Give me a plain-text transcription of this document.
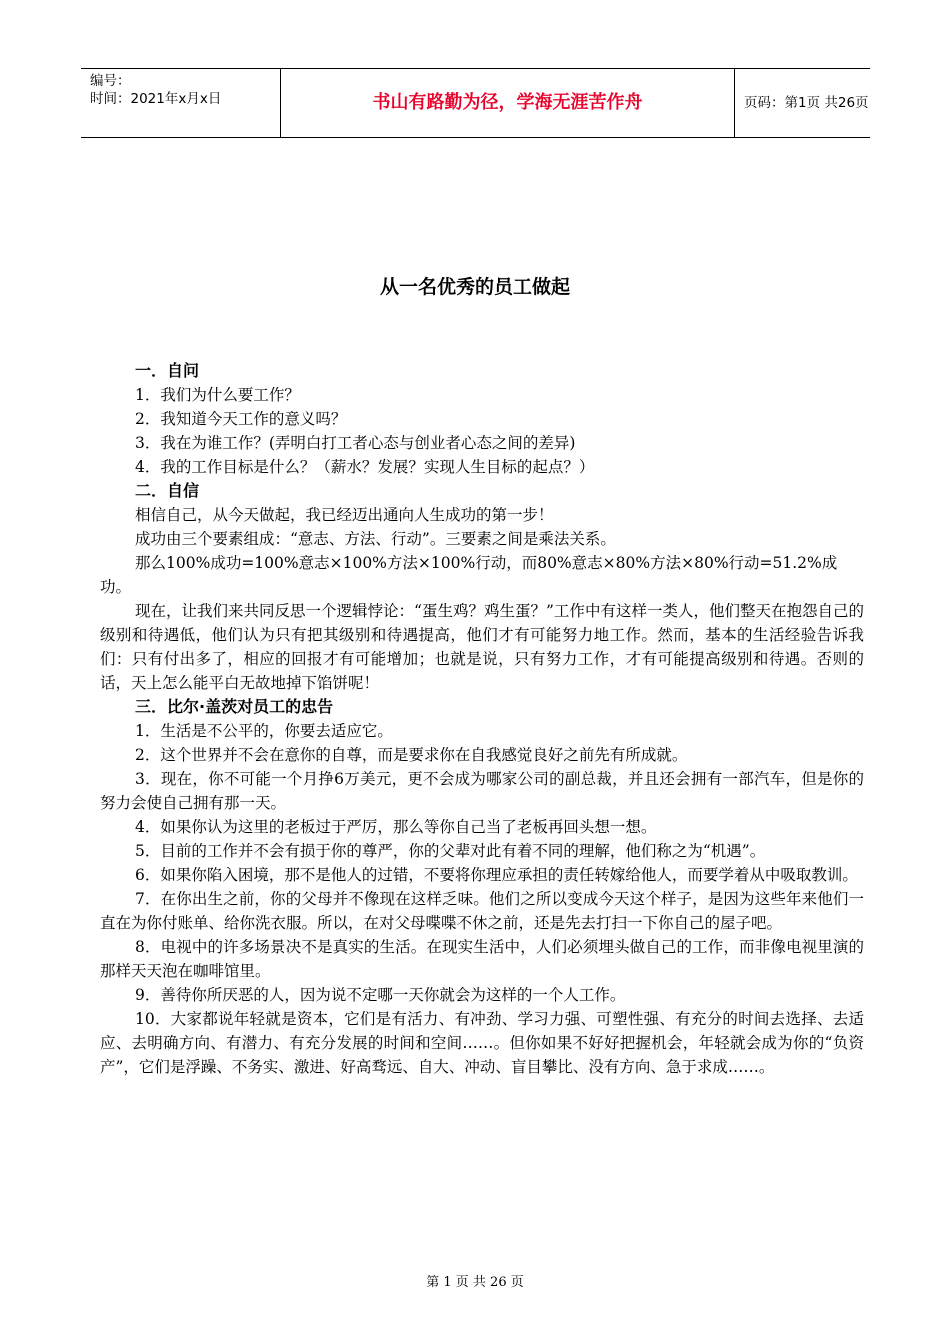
编号：
时间：2021年x月x日	书山有路勤为径，学海无涯苦作舟	页码：第1页 共26页
从一名优秀的员工做起

一．自问

1．我们为什么要工作？

2．我知道今天工作的意义吗？

3．我在为谁工作？(弄明白打工者心态与创业者心态之间的差异)

4．我的工作目标是什么？（薪水？发展？实现人生目标的起点？）

二．自信

相信自己，从今天做起，我已经迈出通向人生成功的第一步！

成功由三个要素组成：“意志、方法、行动”。三要素之间是乘法关系。

那么100%成功=100%意志×100%方法×100%行动，而80%意志×80%方法×80%行动=51.2%成功。

现在，让我们来共同反思一个逻辑悖论：“蛋生鸡？鸡生蛋？”工作中有这样一类人，他们整天在抱怨自己的级别和待遇低，他们认为只有把其级别和待遇提高，他们才有可能努力地工作。然而，基本的生活经验告诉我们：只有付出多了，相应的回报才有可能增加；也就是说，只有努力工作，才有可能提高级别和待遇。否则的话，天上怎么能平白无故地掉下馅饼呢！

三．比尔·盖茨对员工的忠告

1．生活是不公平的，你要去适应它。

2．这个世界并不会在意你的自尊，而是要求你在自我感觉良好之前先有所成就。

3．现在，你不可能一个月挣6万美元，更不会成为哪家公司的副总裁，并且还会拥有一部汽车，但是你的努力会使自己拥有那一天。

4．如果你认为这里的老板过于严厉，那么等你自己当了老板再回头想一想。

5．目前的工作并不会有损于你的尊严，你的父辈对此有着不同的理解，他们称之为“机遇”。

6．如果你陷入困境，那不是他人的过错，不要将你理应承担的责任转嫁给他人，而要学着从中吸取教训。

7．在你出生之前，你的父母并不像现在这样乏味。他们之所以变成今天这个样子，是因为这些年来他们一直在为你付账单、给你洗衣服。所以，在对父母喋喋不休之前，还是先去打扫一下你自己的屋子吧。

8．电视中的许多场景决不是真实的生活。在现实生活中，人们必须埋头做自己的工作，而非像电视里演的那样天天泡在咖啡馆里。

9．善待你所厌恶的人，因为说不定哪一天你就会为这样的一个人工作。

10．大家都说年轻就是资本，它们是有活力、有冲劲、学习力强、可塑性强、有充分的时间去选择、去适应、去明确方向、有潜力、有充分发展的时间和空间……。但你如果不好好把握机会，年轻就会成为你的“负资产”，它们是浮躁、不务实、激进、好高骛远、自大、冲动、盲目攀比、没有方向、急于求成……。

第 1 页 共 26 页
